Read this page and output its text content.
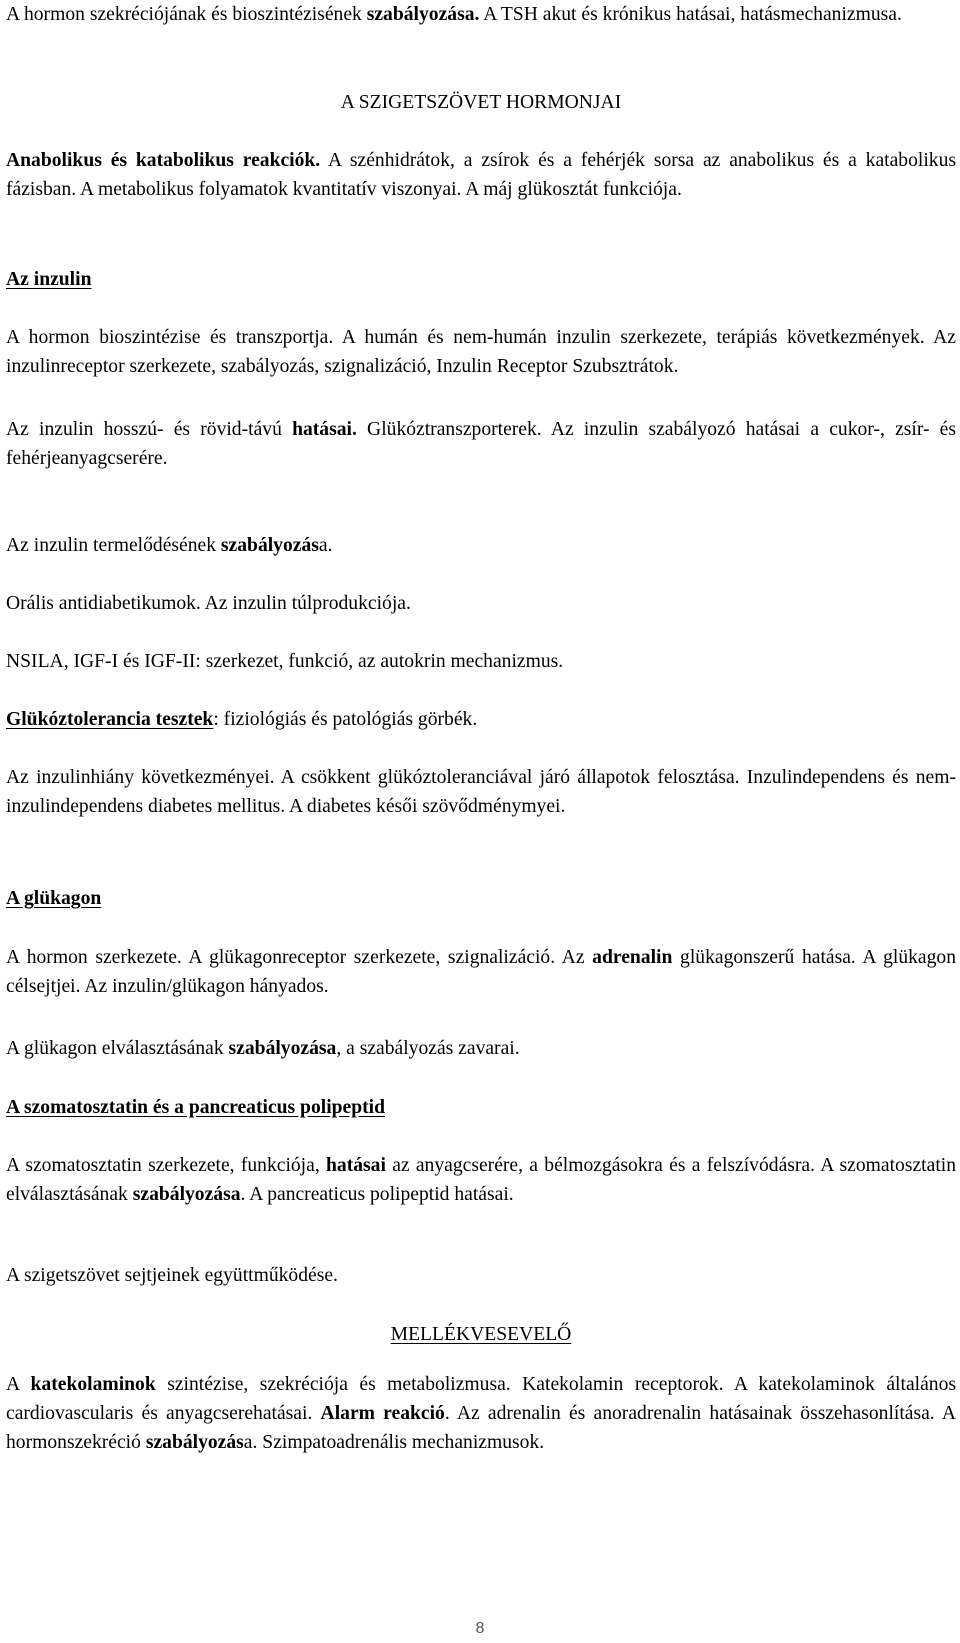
A hormon szekréciójának és bioszintézisének szabályozása. A TSH akut és krónikus hatásai, hatásmechanizmusa.

A SZIGETSZÖVET HORMONJAI

Anabolikus és katabolikus reakciók. A szénhidrátok, a zsírok és a fehérjék sorsa az anabolikus és a katabolikus fázisban. A metabolikus folyamatok kvantitatív viszonyai. A máj glükosztát funkciója.

Az inzulin

A hormon bioszintézise és transzportja. A humán és nem-humán inzulin szerkezete, terápiás következmények. Az inzulinreceptor szerkezete, szabályozás, szignalizáció, Inzulin Receptor Szubsztrátok.

Az inzulin hosszú- és rövid-távú hatásai. Glükóztranszporterek. Az inzulin szabályozó hatásai a cukor-, zsír- és fehérjeanyagcserére.

Az inzulin termelődésének szabályozása.

Orális antidiabetikumok. Az inzulin túlprodukciója.

NSILA, IGF-I és IGF-II: szerkezet, funkció, az autokrin mechanizmus.

Glükóztolerancia tesztek: fiziológiás és patológiás görbék.

Az inzulinhiány következményei. A csökkent glükóztoleranciával járó állapotok felosztása. Inzulindependens és nem-inzulindependens diabetes mellitus. A diabetes késői szövődménymyei.

A glükagon

A hormon szerkezete. A glükagonreceptor szerkezete, szignalizáció. Az adrenalin glükagonszerű hatása. A glükagon célsejtjei. Az inzulin/glükagon hányados.

A glükagon elválasztásának szabályozása, a szabályozás zavarai.

A szomatosztatin és a pancreaticus polipeptid

A szomatosztatin szerkezete, funkciója, hatásai az anyagcserére, a bélmozgásokra és a felszívódásra. A szomatosztatin elválasztásának szabályozása. A pancreaticus polipeptid hatásai.

A szigetszövet sejtjeinek együttműködése.

MELLÉKVESEVELŐ

A katekolaminok szintézise, szekréciója és metabolizmusa. Katekolamin receptorok. A katekolaminok általános cardiovascularis és anyagcserehatásai. Alarm reakció. Az adrenalin és anoradrenalin hatásainak összehasonlítása. A hormonszekréció szabályozása. Szimpatoadrenális mechanizmusok.

8
